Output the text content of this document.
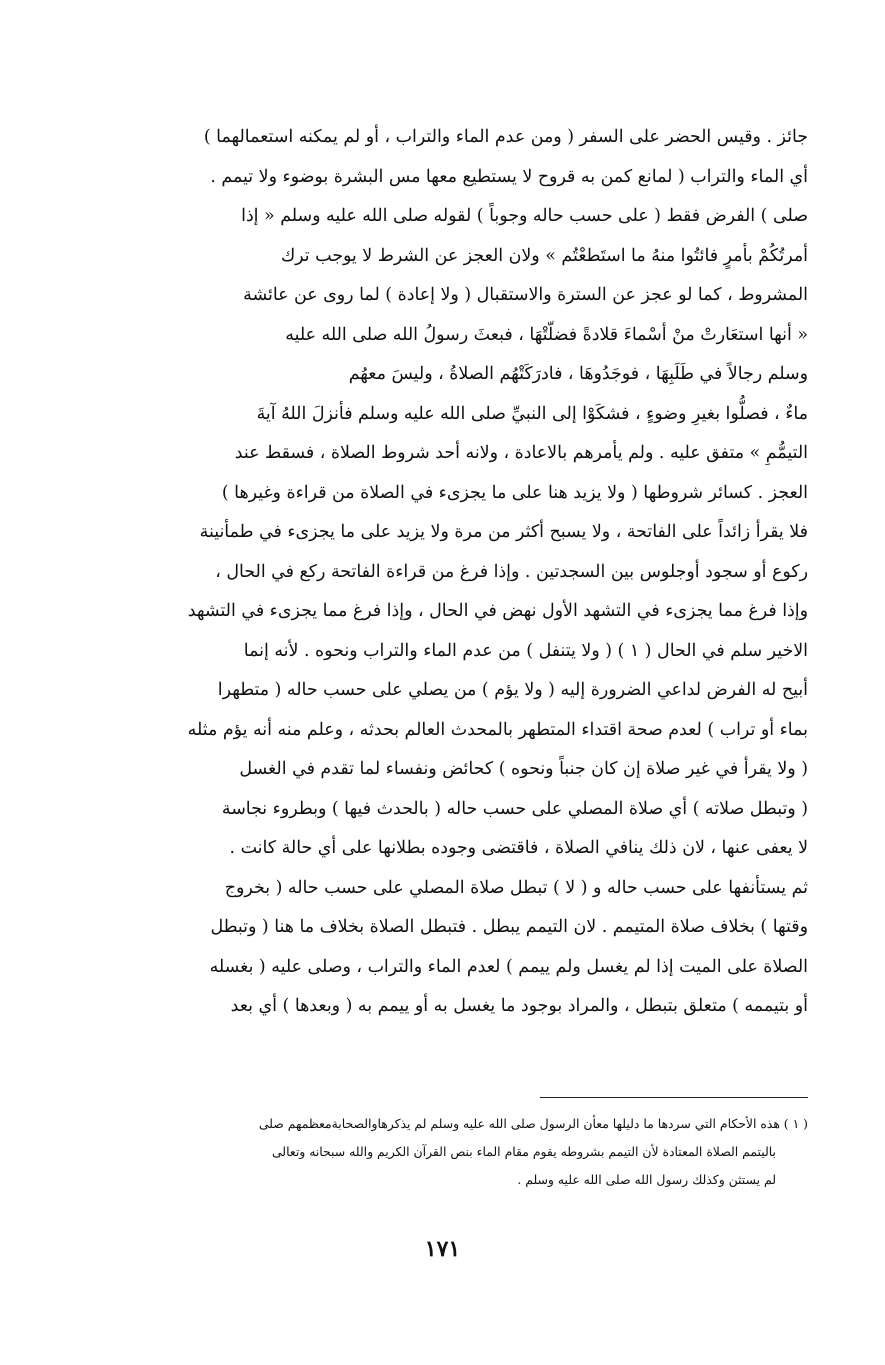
جائز . وقيس الحضر على السفر ( ومن عدم الماء والتراب ، أو لم يمكنه استعمالهما )
أي الماء والتراب ( لمانع كمن به قروح لا يستطيع معها مس البشرة بوضوء ولا تيمم .
صلى ) الفرض فقط ( على حسب حاله وجوباً ) لقوله صلى الله عليه وسلم « إذا
أمرتُكُمْ بأمرٍ فائتُوا منهُ ما استَطعْتُم » ولان العجز عن الشرط لا يوجب ترك
المشروط ، كما لو عجز عن السترة والاستقبال ( ولا إعادة ) لما روى عن عائشة
« أنها استعَارتْ منْ أسْماءَ قلادةً فضلّتْهَا ، فبعثَ رسولُ الله صلى الله عليه
وسلم رجالاً في طَلَبِهَا ، فوجَدُوهَا ، فادرَكَتْهُم الصلاةُ ، وليسَ معهُم
ماءٌ ، فصلُّوا بغيرِ وضوءٍ ، فشكَوْا إلى النبيِّ صلى الله عليه وسلم فأنزلَ اللهُ آيةَ
التيمُّمِ » متفق عليه . ولم يأمرهم بالاعادة ، ولانه أحد شروط الصلاة ، فسقط عند
العجز . كسائر شروطها ( ولا يزيد هنا على ما يجزىء في الصلاة من قراءة وغيرها )
فلا يقرأ زائداً على الفاتحة ، ولا يسبح أكثر من مرة ولا يزيد على ما يجزىء في طمأنينة
ركوع أو سجود أوجلوس بين السجدتين . وإذا فرغ من قراءة الفاتحة ركع في الحال ،
وإذا فرغ مما يجزىء في التشهد الأول نهض في الحال ، وإذا فرغ مما يجزىء في التشهد
الاخير سلم في الحال ( ١ ) ( ولا يتنفل ) من عدم الماء والتراب ونحوه . لأنه إنما
أبيح له الفرض لداعي الضرورة إليه ( ولا يؤم ) من يصلي على حسب حاله ( متطهرا
بماء أو تراب ) لعدم صحة اقتداء المتطهر بالمحدث العالم بحدثه ، وعلم منه أنه يؤم مثله
( ولا يقرأ في غير صلاة إن كان جنباً ونحوه ) كحائض ونفساء لما تقدم في الغسل
( وتبطل صلاته ) أي صلاة المصلي على حسب حاله ( بالحدث فيها ) وبطروء نجاسة
لا يعفى عنها ، لان ذلك ينافي الصلاة ، فاقتضى وجوده بطلانها على أي حالة كانت .
ثم يستأنفها على حسب حاله و ( لا ) تبطل صلاة المصلي على حسب حاله ( بخروج
وقتها ) بخلاف صلاة المتيمم . لان التيمم يبطل . فتبطل الصلاة بخلاف ما هنا ( وتبطل
الصلاة على الميت إذا لم يغسل ولم ييمم ) لعدم الماء والتراب ، وصلى عليه ( بغسله
أو بتيممه ) متعلق بتبطل ، والمراد بوجود ما يغسل به أو ييمم به ( وبعدها ) أي بعد
( ١ ) هذه الأحكام التي سردها ما دليلها معأن الرسول صلى الله عليه وسلم لم يذكرهاوالصحابةمعظمهم صلى
باليتمم الصلاة المعتادة لأن التيمم بشروطه يقوم مقام الماء بنص القرآن الكريم والله سبحانه وتعالى
لم يستثن وكذلك رسول الله صلى الله عليه وسلم .
١٧١
